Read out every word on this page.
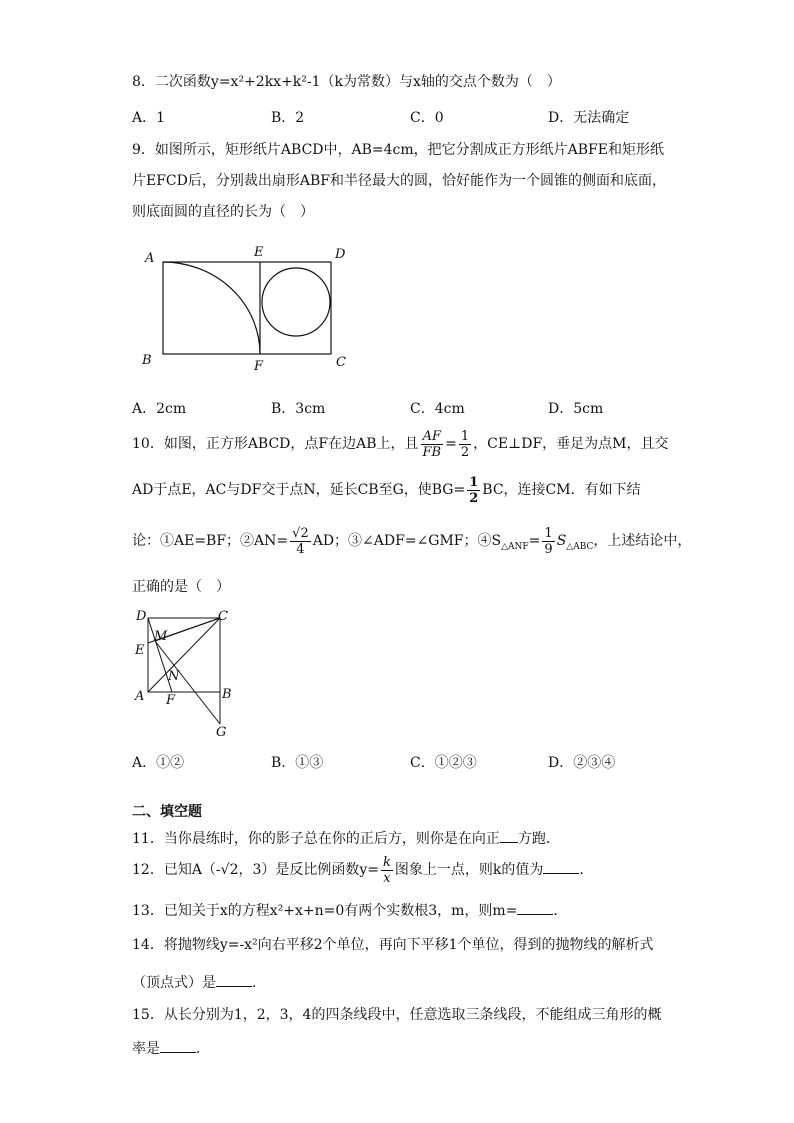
8．二次函数y=x²+2kx+k²-1（k为常数）与x轴的交点个数为（　）
A．1	B．2	C．0	D．无法确定
9．如图所示，矩形纸片ABCD中，AB=4cm，把它分割成正方形纸片ABFE和矩形纸
片EFCD后，分别裁出扇形ABF和半径最大的圆，恰好能作为一个圆锥的侧面和底面，
则底面圆的直径的长为（　）
A	E	D
B	F	C
A．2cm	B．3cm	C．4cm	D．5cm
10．如图，正方形ABCD，点F在边AB上，且 $\frac{AF}{FB} = \frac{1}{2}$ ，CE⊥DF，垂足为点M，且交
AD于点E，AC与DF交于点N，延长CB至G，使$BG= \frac{1}{2}$ BC，连接CM．有如下结
论：①AE=BF；②AN= $\frac{√2}{4}$ AD；③∠ADF=∠GMF；$④S_{\triangle ANF}= \frac{1}{9} S_{\triangle ABC}$，上述结论中，
正确的是（　）
D	C
M
E
N
A F	B
G
A．①②	B．①③	C．①②③	D．②③④
二、填空题
11．当你晨练时，你的影子总在你的正后方，则你是在向正 方跑．
12．已知A（-√2，3）是反比例函数$y= \frac{k}{x}$ 图象上一点，则k的值为	．
13．已知关于x的方程x²+x+n=0有两个实数根3，m，则m=	．
14．将抛物线y=-x²向右平移2个单位，再向下平移1个单位，得到的抛物线的解析式
（顶点式）是	．
15．从长分别为1，2，3，4的四条线段中，任意选取三条线段，不能组成三角形的概
率是	．
